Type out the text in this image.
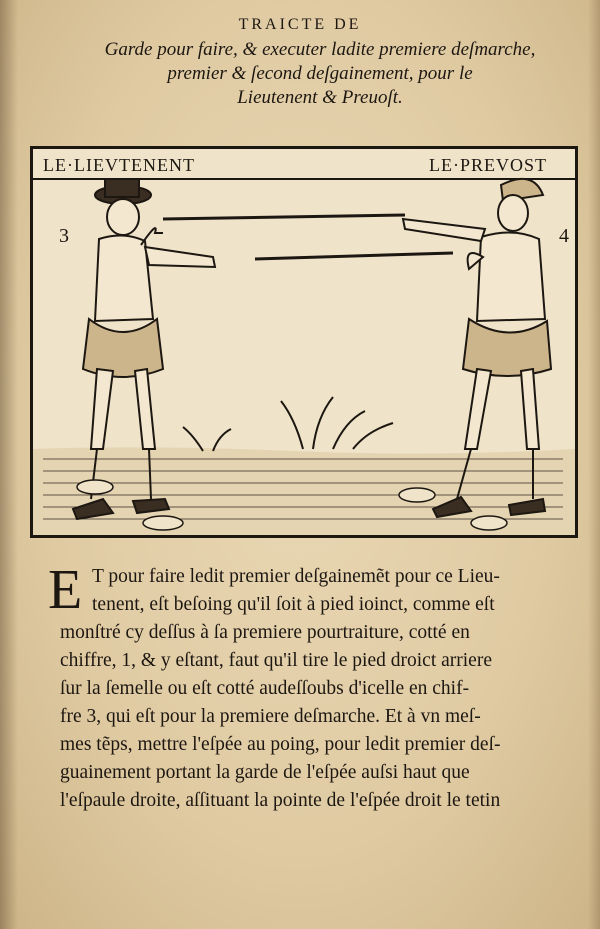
TRAICTE DE
Garde pour faire, & executer ladite premiere deſmarche,
premier & ſecond deſgainement, pour le
Lieutenent & Preuoſt.
LE·LIEVTENENT	LE·PREVOST
3	4
E T pour faire ledit premier deſgainemẽt pour ce Lieu-
tenent, eſt beſoing qu'il ſoit à pied ioinct, comme eſt
monſtré cy deſſus à ſa premiere pourtraiture, cotté en
chiffre, 1, & y eſtant, faut qu'il tire le pied droict arriere
ſur la ſemelle ou eſt cotté audeſſoubs d'icelle en chif-
fre 3, qui eſt pour la premiere deſmarche. Et à vn meſ-
mes tẽps, mettre l'eſpée au poing, pour ledit premier deſ-
guainement portant la garde de l'eſpée auſsi haut que
l'eſpaule droite, aſſituant la pointe de l'eſpée droit le tetin
